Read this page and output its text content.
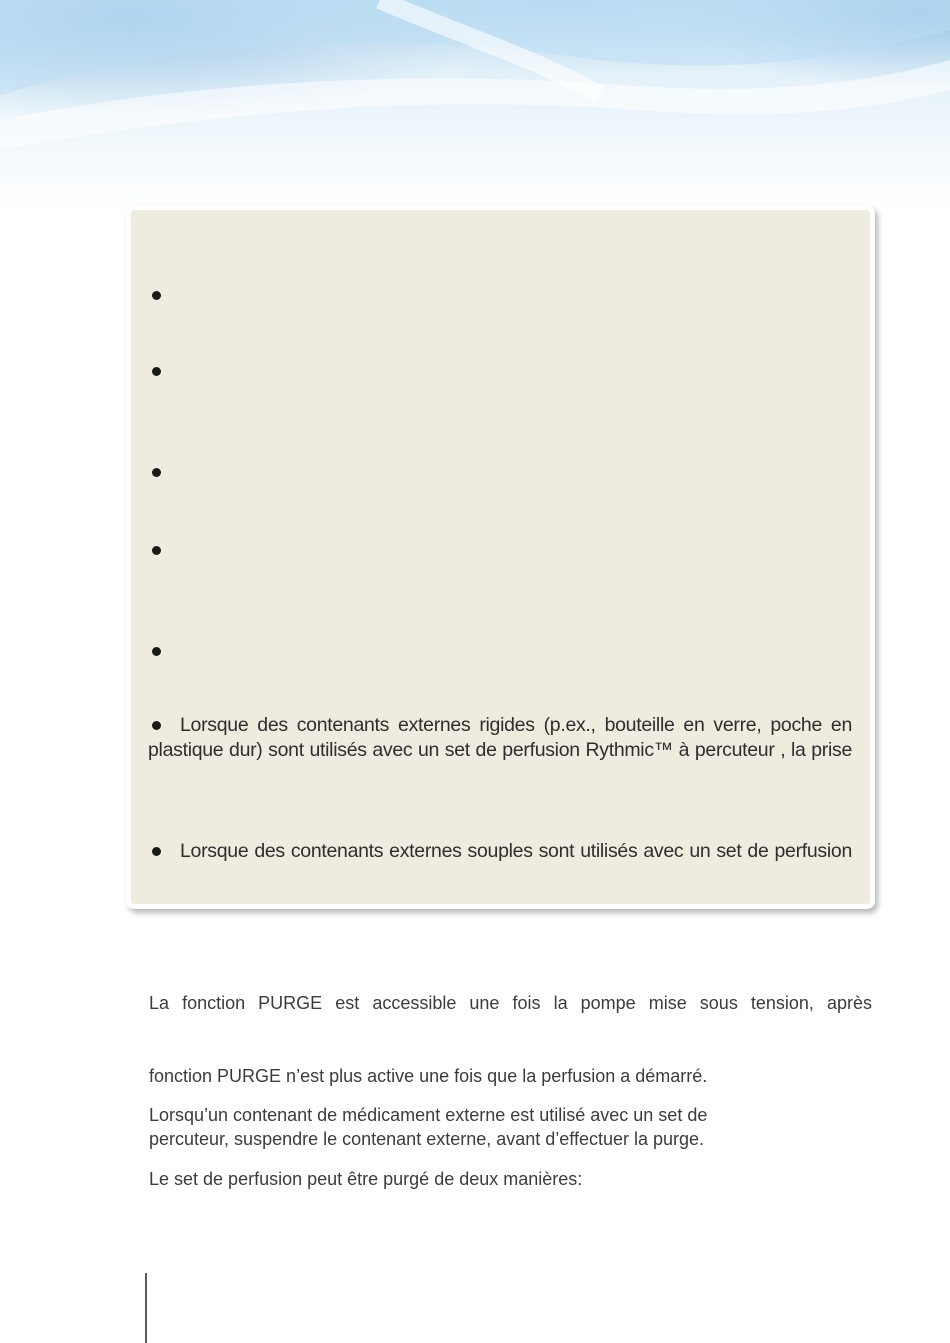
Lorsque des contenants externes rigides (p.ex., bouteille en verre, poche en
plastique dur) sont utilisés avec un set de perfusion Rythmic™ à percuteur , la prise
Lorsque des contenants externes souples sont utilisés avec un set de perfusion
La fonction PURGE est accessible une fois la pompe mise sous tension, après
fonction PURGE n’est plus active une fois que la perfusion a démarré.
Lorsqu’un contenant de médicament externe est utilisé avec un set de
percuteur, suspendre le contenant externe, avant d’effectuer la purge.
Le set de perfusion peut être purgé de deux manières:
